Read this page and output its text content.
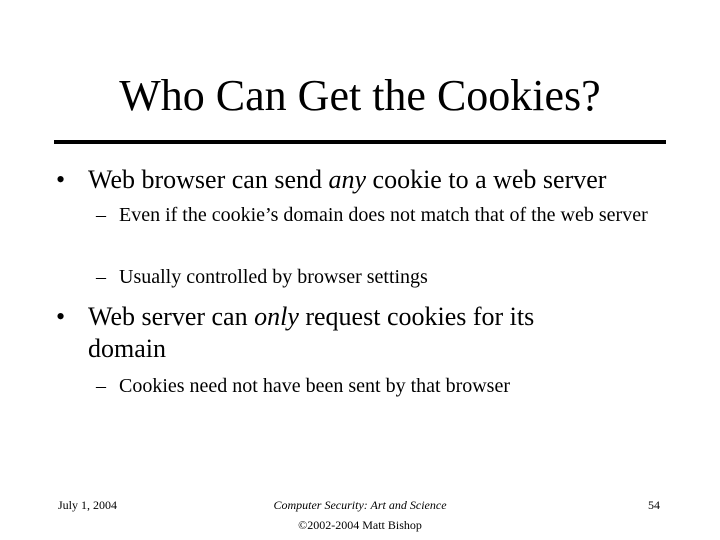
Who Can Get the Cookies?
• Web browser can send any cookie to a web server
– Even if the cookie’s domain does not match that of the web server
– Usually controlled by browser settings
• Web server can only request cookies for its domain
– Cookies need not have been sent by that browser
July 1, 2004	Computer Security: Art and Science
©2002-2004 Matt Bishop
54
